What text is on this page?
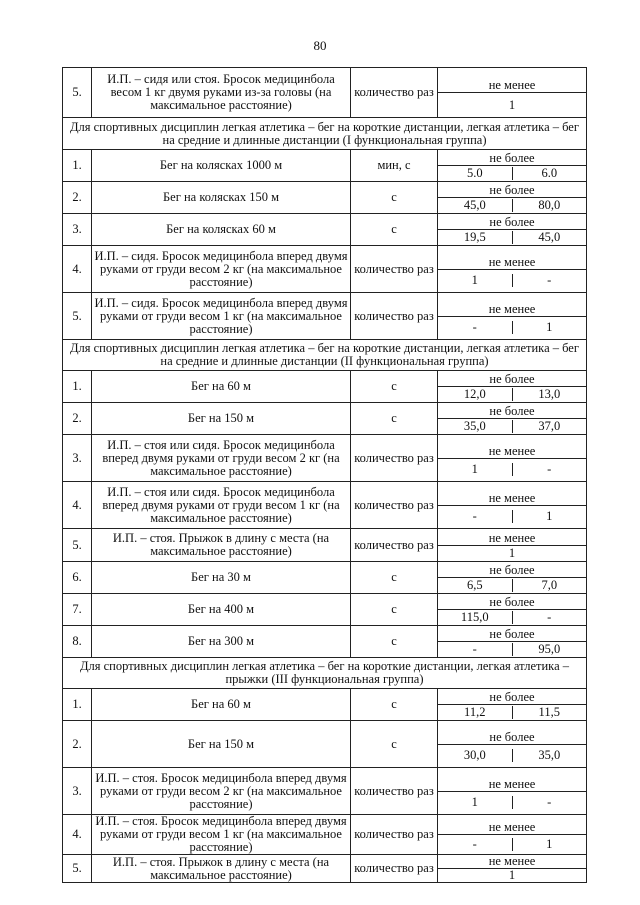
80
5.	И.П. – сидя или стоя. Бросок медицинбола весом 1 кг двумя руками из-за головы (на максимальное расстояние)	количество раз	не менее
1

Для спортивных дисциплин легкая атлетика – бег на короткие дистанции, легкая атлетика – бег на средние и длинные дистанции (I функциональная группа)			
1.	Бег на колясках 1000 м	мин, с	не более
5.0 6.0

2.	Бег на колясках 150 м	с	не более
45,0 80,0

3.	Бег на колясках 60 м	с	не более
19,5 45,0

4.	И.П. – сидя. Бросок медицинбола вперед двумя руками от груди весом 2 кг (на максимальное расстояние)	количество раз	не менее
1 -

5.	И.П. – сидя. Бросок медицинбола вперед двумя руками от груди весом 1 кг (на максимальное расстояние)	количество раз	не менее
- 1

Для спортивных дисциплин легкая атлетика – бег на короткие дистанции, легкая атлетика – бег на средние и длинные дистанции (II функциональная группа)			
1.	Бег на 60 м	с	не более
12,0 13,0

2.	Бег на 150 м	с	не более
35,0 37,0

3.	И.П. – стоя или сидя. Бросок медицинбола вперед двумя руками от груди весом 2 кг (на максимальное расстояние)	количество раз	не менее
1 -

4.	И.П. – стоя или сидя. Бросок медицинбола вперед двумя руками от груди весом 1 кг (на максимальное расстояние)	количество раз	не менее
- 1

5.	И.П. – стоя. Прыжок в длину с места (на максимальное расстояние)	количество раз	не менее
1

6.	Бег на 30 м	с	не более
6,5 7,0

7.	Бег на 400 м	с	не более
115,0 -

8.	Бег на 300 м	с	не более
- 95,0

Для спортивных дисциплин легкая атлетика – бег на короткие дистанции, легкая атлетика – прыжки (III функциональная группа)			
1.	Бег на 60 м	с	не более
11,2 11,5

2.	Бег на 150 м	с	не более
30,0 35,0

3.	И.П. – стоя. Бросок медицинбола вперед двумя руками от груди весом 2 кг (на максимальное расстояние)	количество раз	не менее
1 -

4.	И.П. – стоя. Бросок медицинбола вперед двумя руками от груди весом 1 кг (на максимальное расстояние)	количество раз	не менее
- 1

5.	И.П. – стоя. Прыжок в длину с места (на максимальное расстояние)	количество раз	не менее
1
